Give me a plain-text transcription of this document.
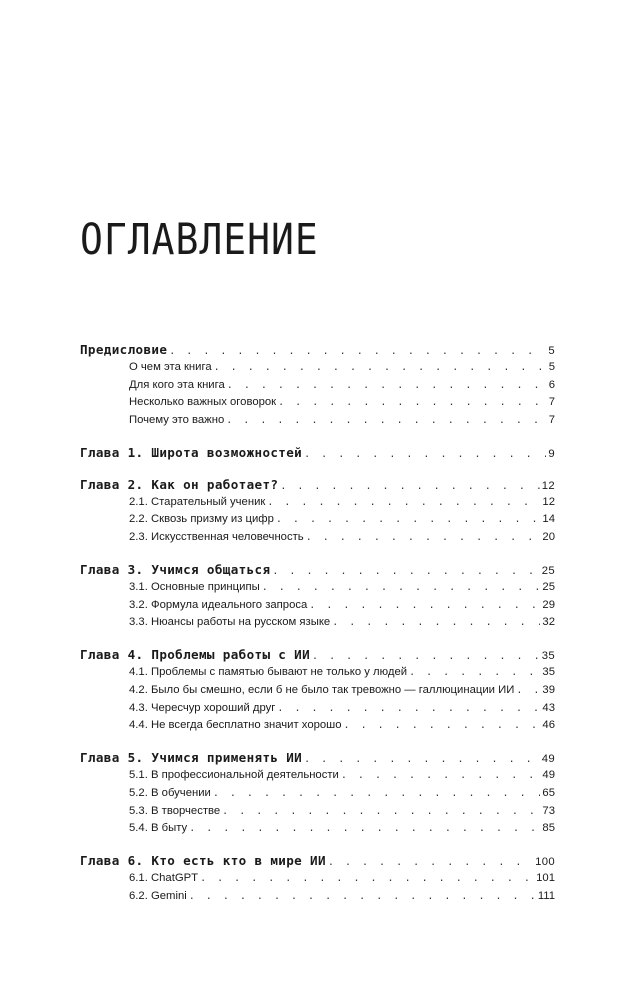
ОГЛАВЛЕНИЕ
Предисловие . . .	5
О чем эта книга . . .	5
Для кого эта книга . . .	6
Несколько важных оговорок . . .	7
Почему это важно . . .	7
Глава 1. Широта возможностей . . .	9
Глава 2. Как он работает? . . .	12
2.1. Старательный ученик . . .	12
2.2. Сквозь призму из цифр . . .	14
2.3. Искусственная человечность . . .	20
Глава 3. Учимся общаться . . .	25
3.1. Основные принципы . . .	25
3.2. Формула идеального запроса . . .	29
3.3. Нюансы работы на русском языке . . .	32
Глава 4. Проблемы работы с ИИ . . .	35
4.1. Проблемы с памятью бывают не только у людей . . .	35
4.2. Было бы смешно, если б не было так тревожно — галлюцинации ИИ . . . 39
4.3. Чересчур хороший друг . . .	43
4.4. Не всегда бесплатно значит хорошо . . .	46
Глава 5. Учимся применять ИИ . . .	49
5.1. В профессиональной деятельности . . .	49
5.2. В обучении . . .	65
5.3. В творчестве . . .	73
5.4. В быту . . .	85
Глава 6. Кто есть кто в мире ИИ . . .	100
6.1. ChatGPT . . .	101
6.2. Gemini . . .	111
